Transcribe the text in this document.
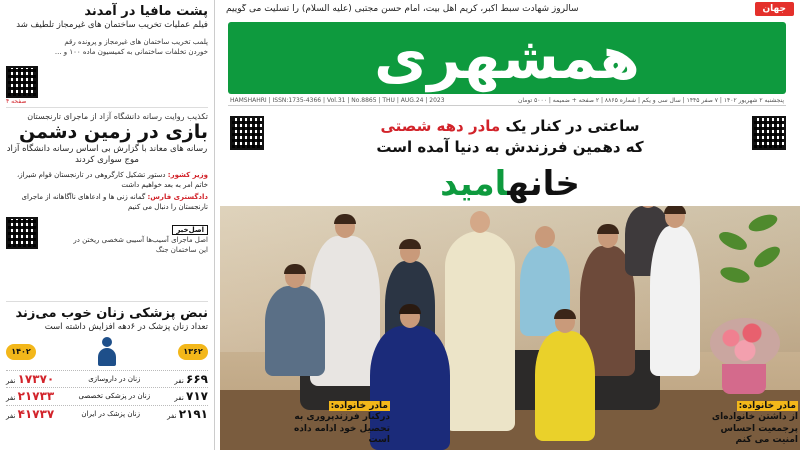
جهان
سالروز شهادت سبط اکبر، کریم اهل بیت، امام حسن مجتبی (علیه السلام) را تسلیت می گوییم
همشهری
HAMSHAHRI | ISSN:1735-4366 | Vol.31 | No.8865 | THU | AUG.24 | 2023	پنجشنبه ۲ شهریور ۱۴۰۲ | ۷ صفر ۱۴۴۵ | سال سی و یکم | شماره ۸۸۶۵ | ۲ صفحه + ضمیمه | ۵۰۰۰ تومان
پشت مافیا در آمدند
فیلم عملیات تخریب ساختمان های غیرمجاز تلطیف شد
پلمب تخریب ساختمان های غیرمجاز و پرونده رقم خوردن تخلفات ساختمانی به کمیسیون ماده ۱۰۰ و ...
صفحه ۴
تکذیب روایت رسانه دانشگاه آزاد از ماجرای تارنجستان
بازی در زمین دشمن
رسانه های معاند با گزارش بی اساس رسانه دانشگاه آزاد موج سواری کردند
وزیر کشور: دستور تشکیل کارگروهی در تارنجستان قوام شیراز، خاتم امر به بعد خواهیم داشت
دادگستری فارس: گمانه زنی ها و ادعاهای ناآگاهانه از ماجرای تارنجستان را دنبال می کنیم
اصل‌خبر
اصل ماجرای آسیب‌ها آسیبی شخصی ریختن در این ساختمان جنگ
نبض پزشکی زنان خوب می‌زند
تعداد زنان پزشک در ۶دهه افزایش داشته است
۱۳۶۲
۱۴۰۲
۶۶۹ نفر
زنان در داروسازی
۱۷۳۷۰ نفر
۷۱۷ نفر
زنان در پزشکی تخصصی
۲۱۷۳۳ نفر
۲۱۹۱ نفر
زنان پزشک در ایران
۴۱۷۳۷ نفر
ساعتی در کنار یک مادر دهه شصتی
که دهمین فرزندش به دنیا آمده است
خانهامید
مادر خانواده:
درکنار فرزندپروری به تحصیل خود ادامه داده است
مادر خانواده:
از داشتن خانواده‌ای پرجمعیت احساس امنیت می کنم
